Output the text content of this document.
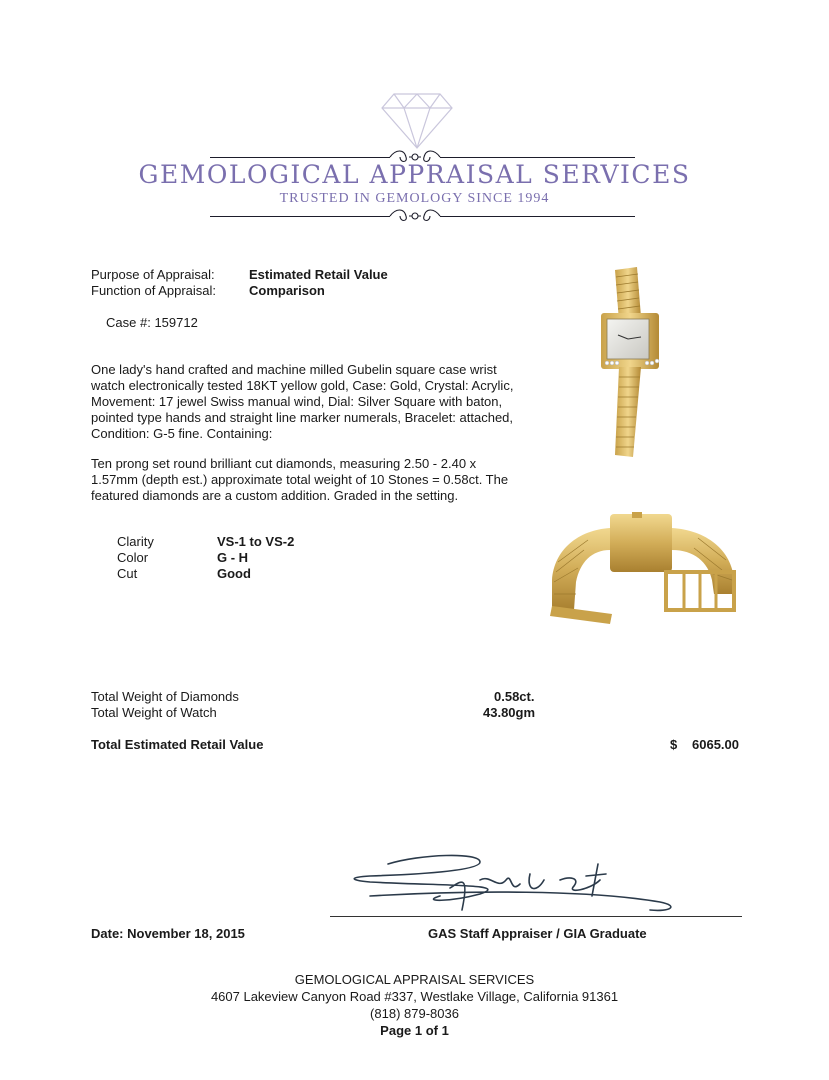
GEMOLOGICAL APPRAISAL SERVICES
TRUSTED IN GEMOLOGY SINCE 1994
Purpose of Appraisal:	Estimated Retail Value
Function of Appraisal:	Comparison
Case #: 159712
One lady's hand crafted and machine milled Gubelin square case wrist watch electronically tested 18KT yellow gold, Case: Gold, Crystal: Acrylic, Movement: 17 jewel Swiss manual wind, Dial: Silver Square with baton, pointed type hands and straight line marker numerals, Bracelet: attached, Condition: G-5 fine. Containing:
Ten prong set round brilliant cut diamonds, measuring 2.50 - 2.40 x 1.57mm (depth est.) approximate total weight of 10 Stones = 0.58ct. The featured diamonds are a custom addition. Graded in the setting.
Clarity	VS-1 to VS-2
Color	G - H
Cut	Good
Total Weight of Diamonds	0.58ct.
Total Weight of Watch	43.80gm
Total Estimated Retail Value	$ 6065.00
Date: November 18, 2015	GAS Staff Appraiser / GIA Graduate
GEMOLOGICAL APPRAISAL SERVICES
4607 Lakeview Canyon Road #337, Westlake Village, California 91361
(818) 879-8036
Page 1 of 1
